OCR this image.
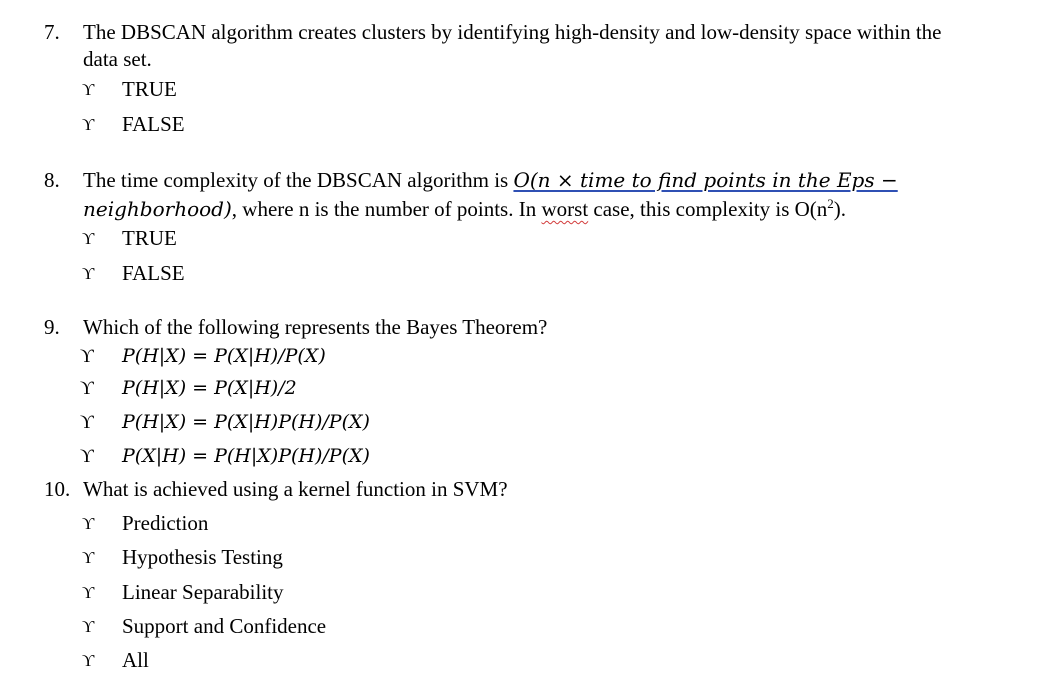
7. The DBSCAN algorithm creates clusters by identifying high-density and low-density space within the
data set.
ϒ TRUE
ϒ FALSE
8. The time complexity of the DBSCAN algorithm is O(n × time to find points in the Eps −
neighborhood), where n is the number of points. In worst case, this complexity is $O(n^2)$.
ϒ TRUE
ϒ FALSE
9. Which of the following represents the Bayes Theorem?
ϒ P(H|X) = P(X|H)/P(X)
ϒ P(H|X) = P(X|H)/2
ϒ P(H|X) = P(X|H)P(H)/P(X)
ϒ P(X|H) = P(H|X)P(H)/P(X)
10. What is achieved using a kernel function in SVM?
ϒ Prediction
ϒ Hypothesis Testing
ϒ Linear Separability
ϒ Support and Confidence
ϒ All
